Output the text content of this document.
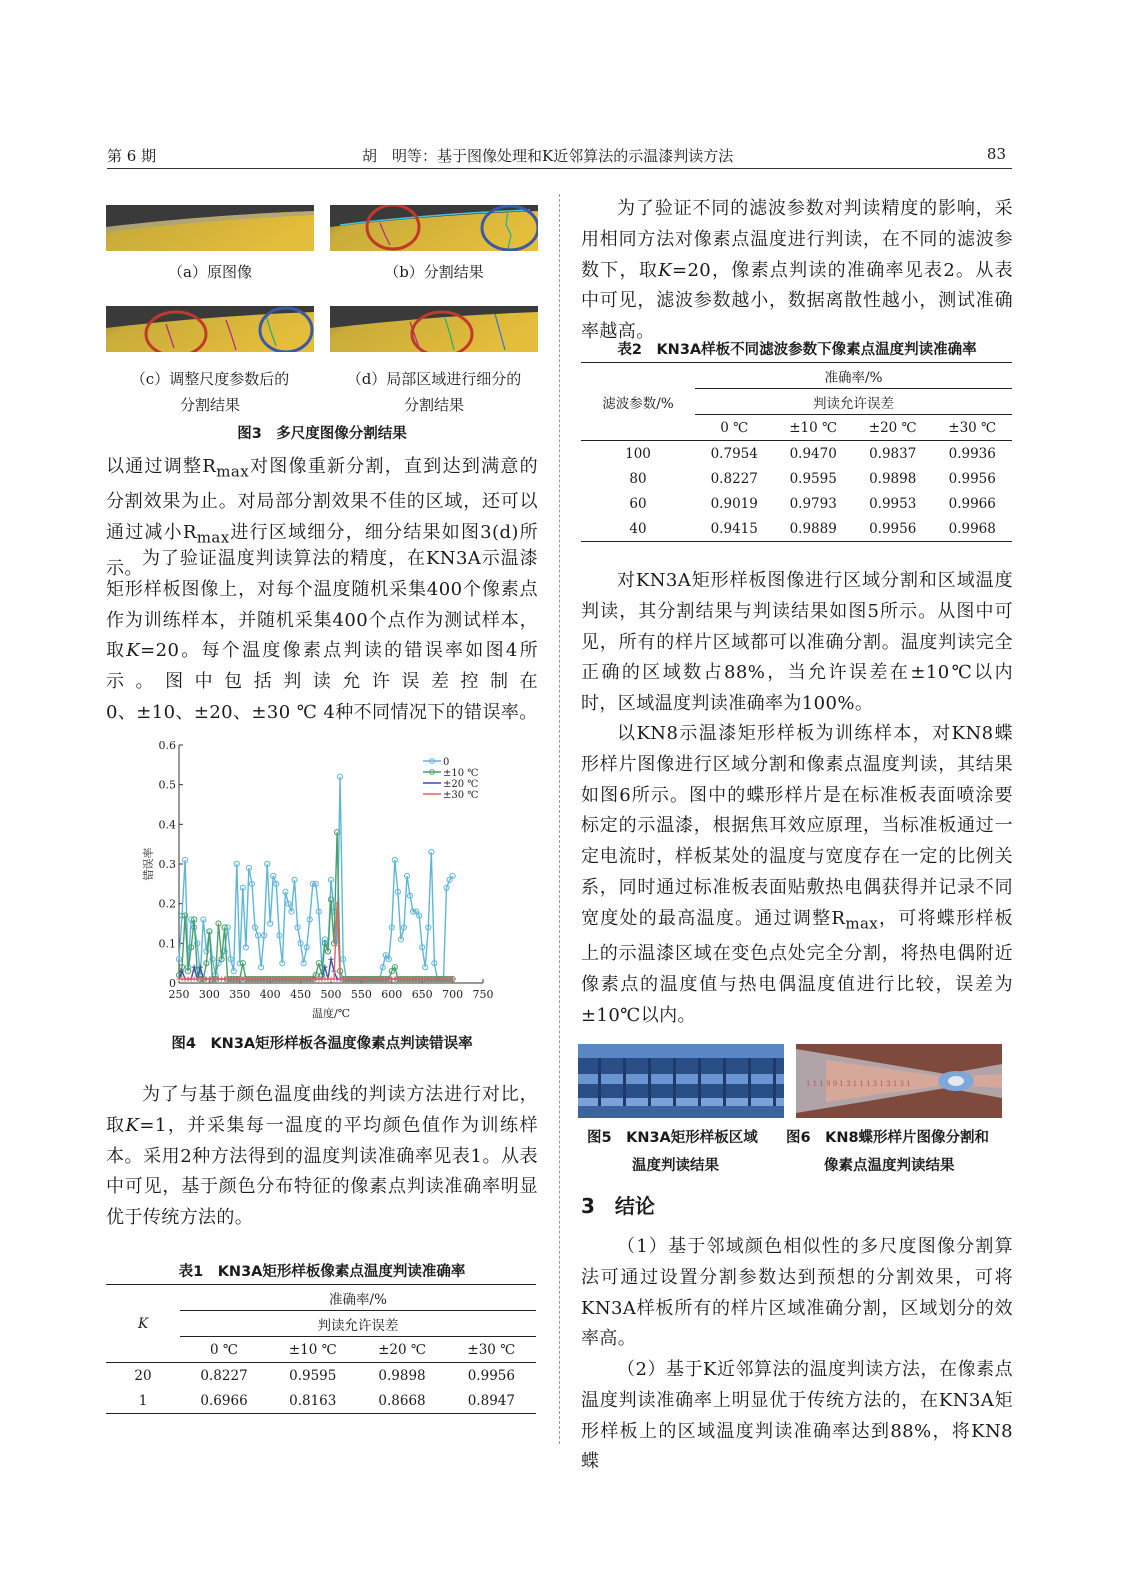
第 6 期	胡　明等：基于图像处理和K近邻算法的示温漆判读方法	83
（a）原图像	（b）分割结果
（c）调整尺度参数后的
分割结果
（d）局部区域进行细分的
分割结果
图3　多尺度图像分割结果
以通过调整$R_{max}$对图像重新分割，直到达到满意的分割效果为止。对局部分割效果不佳的区域，还可以通过减小$R_{max}$进行区域细分，细分结果如图3(d)所示。 为了验证温度判读算法的精度，在KN3A示温漆矩形样板图像上，对每个温度随机采集400个像素点作为训练样本，并随机采集400个点作为测试样本，取K=20。每个温度像素点判读的错误率如图4所示。图中包括判读允许误差控制在0、±10、±20、±30 ℃ 4种不同情况下的错误率。
0
0.1
0.2
0.3
0.4
0.5
0.6
250 300 350 400 450 500 550 600 650 700 750
温度/℃
错误率
0
±10 ℃
±20 ℃
±30 ℃
图4　KN3A矩形样板各温度像素点判读错误率
为了与基于颜色温度曲线的判读方法进行对比，取K=1，并采集每一温度的平均颜色值作为训练样本。采用2种方法得到的温度判读准确率见表1。从表中可见，基于颜色分布特征的像素点判读准确率明显优于传统方法的。
表1　KN3A矩形样板像素点温度判读准确率
K	准确率/%			
	判读允许误差			
	0 ℃	±10 ℃	±20 ℃	±30 ℃
20	0.8227	0.9595	0.9898	0.9956
1	0.6966	0.8163	0.8668	0.8947
为了验证不同的滤波参数对判读精度的影响，采用相同方法对像素点温度进行判读，在不同的滤波参数下，取K=20，像素点判读的准确率见表2。从表中可见，滤波参数越小，数据离散性越小，测试准确率越高。
表2　KN3A样板不同滤波参数下像素点温度判读准确率
滤波参数/%	准确率/%			
	判读允许误差			
	0 ℃	±10 ℃	±20 ℃	±30 ℃
100	0.7954	0.9470	0.9837	0.9936
80	0.8227	0.9595	0.9898	0.9956
60	0.9019	0.9793	0.9953	0.9966
40	0.9415	0.9889	0.9956	0.9968
对KN3A矩形样板图像进行区域分割和区域温度判读，其分割结果与判读结果如图5所示。从图中可见，所有的样片区域都可以准确分割。温度判读完全正确的区域数占88%，当允许误差在±10℃以内时，区域温度判读准确率为100%。
以KN8示温漆矩形样板为训练样本，对KN8蝶形样片图像进行区域分割和像素点温度判读，其结果如图6所示。图中的蝶形样片是在标准板表面喷涂要标定的示温漆，根据焦耳效应原理，当标准板通过一定电流时，样板某处的温度与宽度存在一定的比例关系，同时通过标准板表面贴敷热电偶获得并记录不同宽度处的最高温度。通过调整$R_{max}$，可将蝶形样板上的示温漆区域在变色点处完全分割，将热电偶附近像素点的温度值与热电偶温度值进行比较，误差为±10℃以内。
1 1 1 9 9 1 3 1 1 1 3 1 3 1 3 1
图5　KN3A矩形样板区域
温度判读结果
图6　KN8蝶形样片图像分割和
像素点温度判读结果
3　结论
（1）基于邻域颜色相似性的多尺度图像分割算法可通过设置分割参数达到预想的分割效果，可将KN3A样板所有的样片区域准确分割，区域划分的效率高。
（2）基于K近邻算法的温度判读方法，在像素点温度判读准确率上明显优于传统方法的，在KN3A矩形样板上的区域温度判读准确率达到88%，将KN8蝶
